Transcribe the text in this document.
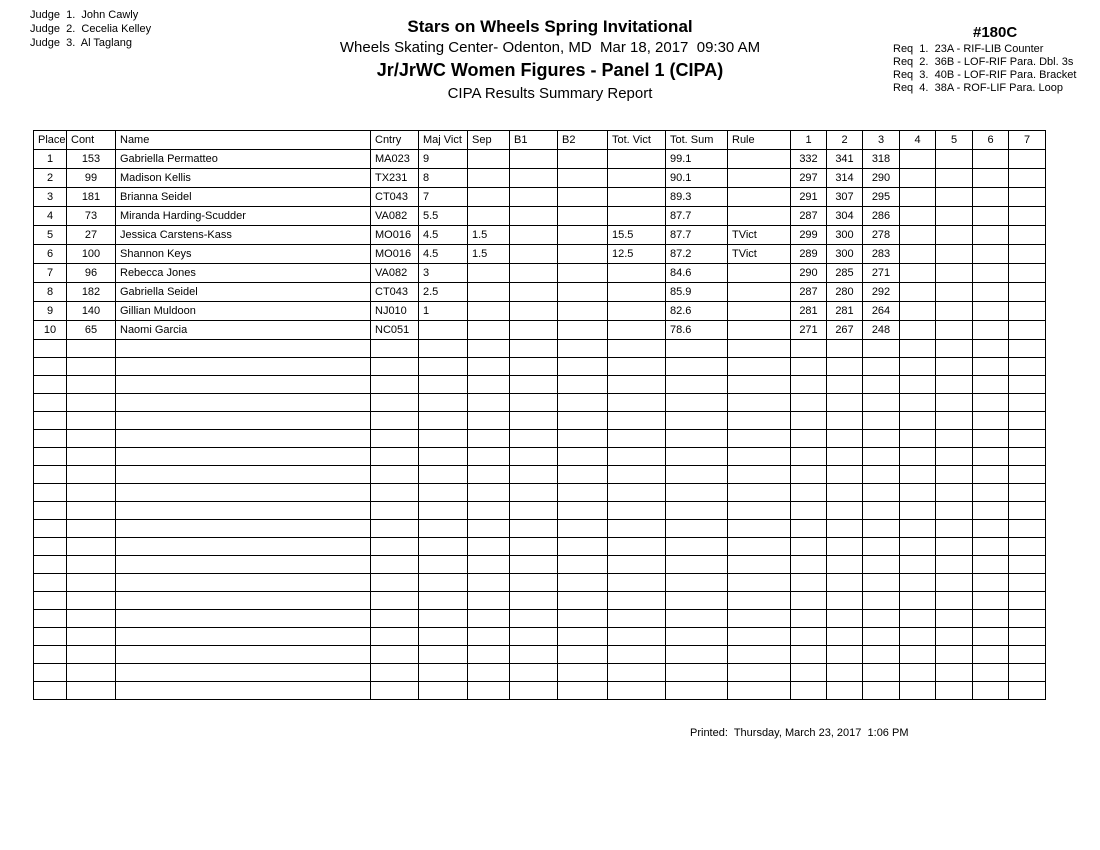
Judge  1.  John Cawly
Judge  2.  Cecelia Kelley
Judge  3.  Al Taglang
Stars on Wheels Spring Invitational
Wheels Skating Center- Odenton, MD  Mar 18, 2017  09:30 AM
Jr/JrWC Women Figures - Panel 1 (CIPA)
CIPA Results Summary Report
#180C
Req  1.  23A - RIF-LIB Counter
Req  2.  36B - LOF-RIF Para. Dbl. 3s
Req  3.  40B - LOF-RIF Para. Bracket
Req  4.  38A - ROF-LIF Para. Loop
Place	Cont	Name	Cntry	Maj Vict	Sep	B1	B2	Tot. Vict	Tot. Sum	Rule	1	2	3	4	5	6	7
1	153	Gabriella Permatteo	MA023	9					99.1		332	341	318				
2	99	Madison Kellis	TX231	8					90.1		297	314	290				
3	181	Brianna Seidel	CT043	7					89.3		291	307	295				
4	73	Miranda Harding-Scudder	VA082	5.5					87.7		287	304	286				
5	27	Jessica Carstens-Kass	MO016	4.5	1.5			15.5	87.7	TVict	299	300	278				
6	100	Shannon Keys	MO016	4.5	1.5			12.5	87.2	TVict	289	300	283				
7	96	Rebecca Jones	VA082	3					84.6		290	285	271				
8	182	Gabriella Seidel	CT043	2.5					85.9		287	280	292				
9	140	Gillian Muldoon	NJ010	1					82.6		281	281	264				
10	65	Naomi Garcia	NC051						78.6		271	267	248				

Printed:  Thursday, March 23, 2017  1:06 PM
